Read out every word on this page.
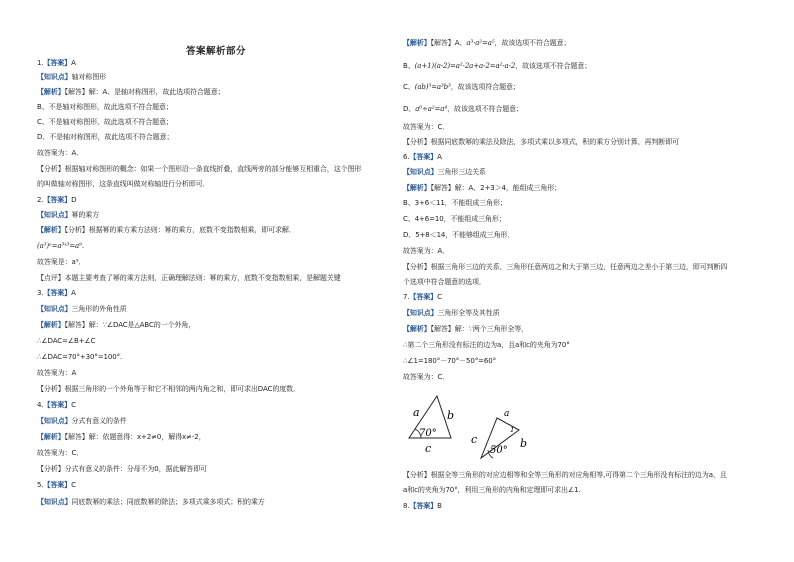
答案解析部分
1.【答案】A
【知识点】轴对称图形
【解析】【解答】解：A、是轴对称图形，故此选项符合题意；
B、不是轴对称图形，故此选项不符合题意；
C、不是轴对称图形，故此选项不符合题意；
D、不是轴对称图形，故此选项不符合题意；
故答案为：A．
【分析】根据轴对称图形的概念：如果一个图形沿一条直线折叠，直线两旁的部分能够互相重合，这个图形
的叫做轴对称图形，这条直线叫做对称轴进行分析即可．
2.【答案】D
【知识点】幂的乘方
【解析】【分析】根据幂的乘方乘方法则：幂的乘方，底数不变指数相乘，即可求解．
(a³)ᵃ=a³ˣ³=a⁹．
故答案是：a⁹．
【点评】本题主要考查了幂的乘方法则，正确理解法则：幂的乘方，底数不变指数相乘，是解题关键
3.【答案】A
【知识点】三角形的外角性质
【解析】【解答】解：∵∠DAC是△ABC的一个外角，
∴∠DAC=∠B+∠C
∴∠DAC=70°+30°=100°.
故答案为：A
【分析】根据三角形的一个外角等于和它不相邻的两内角之和，即可求出DAC的度数．
4.【答案】C
【知识点】分式有意义的条件
【解析】【解答】解：依题意得：x+2≠0，解得x≠-2，
故答案为：C．
【分析】分式有意义的条件：分母不为0，据此解答即可
5.【答案】C
【知识点】同底数幂的乘法；同底数幂的除法；多项式乘多项式；积的乘方
【解析】【解答】A、a³·a²=a⁵，故该选项不符合题意；
B、(a+1)(a-2)=a²-2a+a-2=a²-a-2，故该选项不符合题意；
C、(ab)³=a³b³，故该选项符合题意；
D、a⁶÷a²=a⁴，故该选项不符合题意；
故答案为：C．
【分析】根据同底数幂的乘法及除法，多项式乘以多项式，积的乘方分别计算，再判断即可
6.【答案】A
【知识点】三角形三边关系
【解析】【解答】解：A、2+3＞4，能组成三角形；
B、3+6＜11，不能组成三角形；
C、4+6=10，不能组成三角形；
D、5+8＜14，不能够组成三角形．
故答案为：A．
【分析】根据三角形三边的关系，三角形任意两边之和大于第三边，任意两边之差小于第三边，即可判断四
个选项中符合题意的选项．
7.【答案】C
【知识点】三角形全等及其性质
【解析】【解答】解：∵两个三角形全等，
∴第二个三角形没有标注的边为a，且a和c的夹角为70°
∴∠1=180°－70°－50°=60°
故答案为：C．
【分析】根据全等三角形的对应边相等和全等三角形的对应角相等,可得第二个三角形没有标注的边为a，且
a和c的夹角为70°，利用三角形的内角和定理即可求出∠1.
8.【答案】B
a b
c
70°
a
b
c
50°
1
